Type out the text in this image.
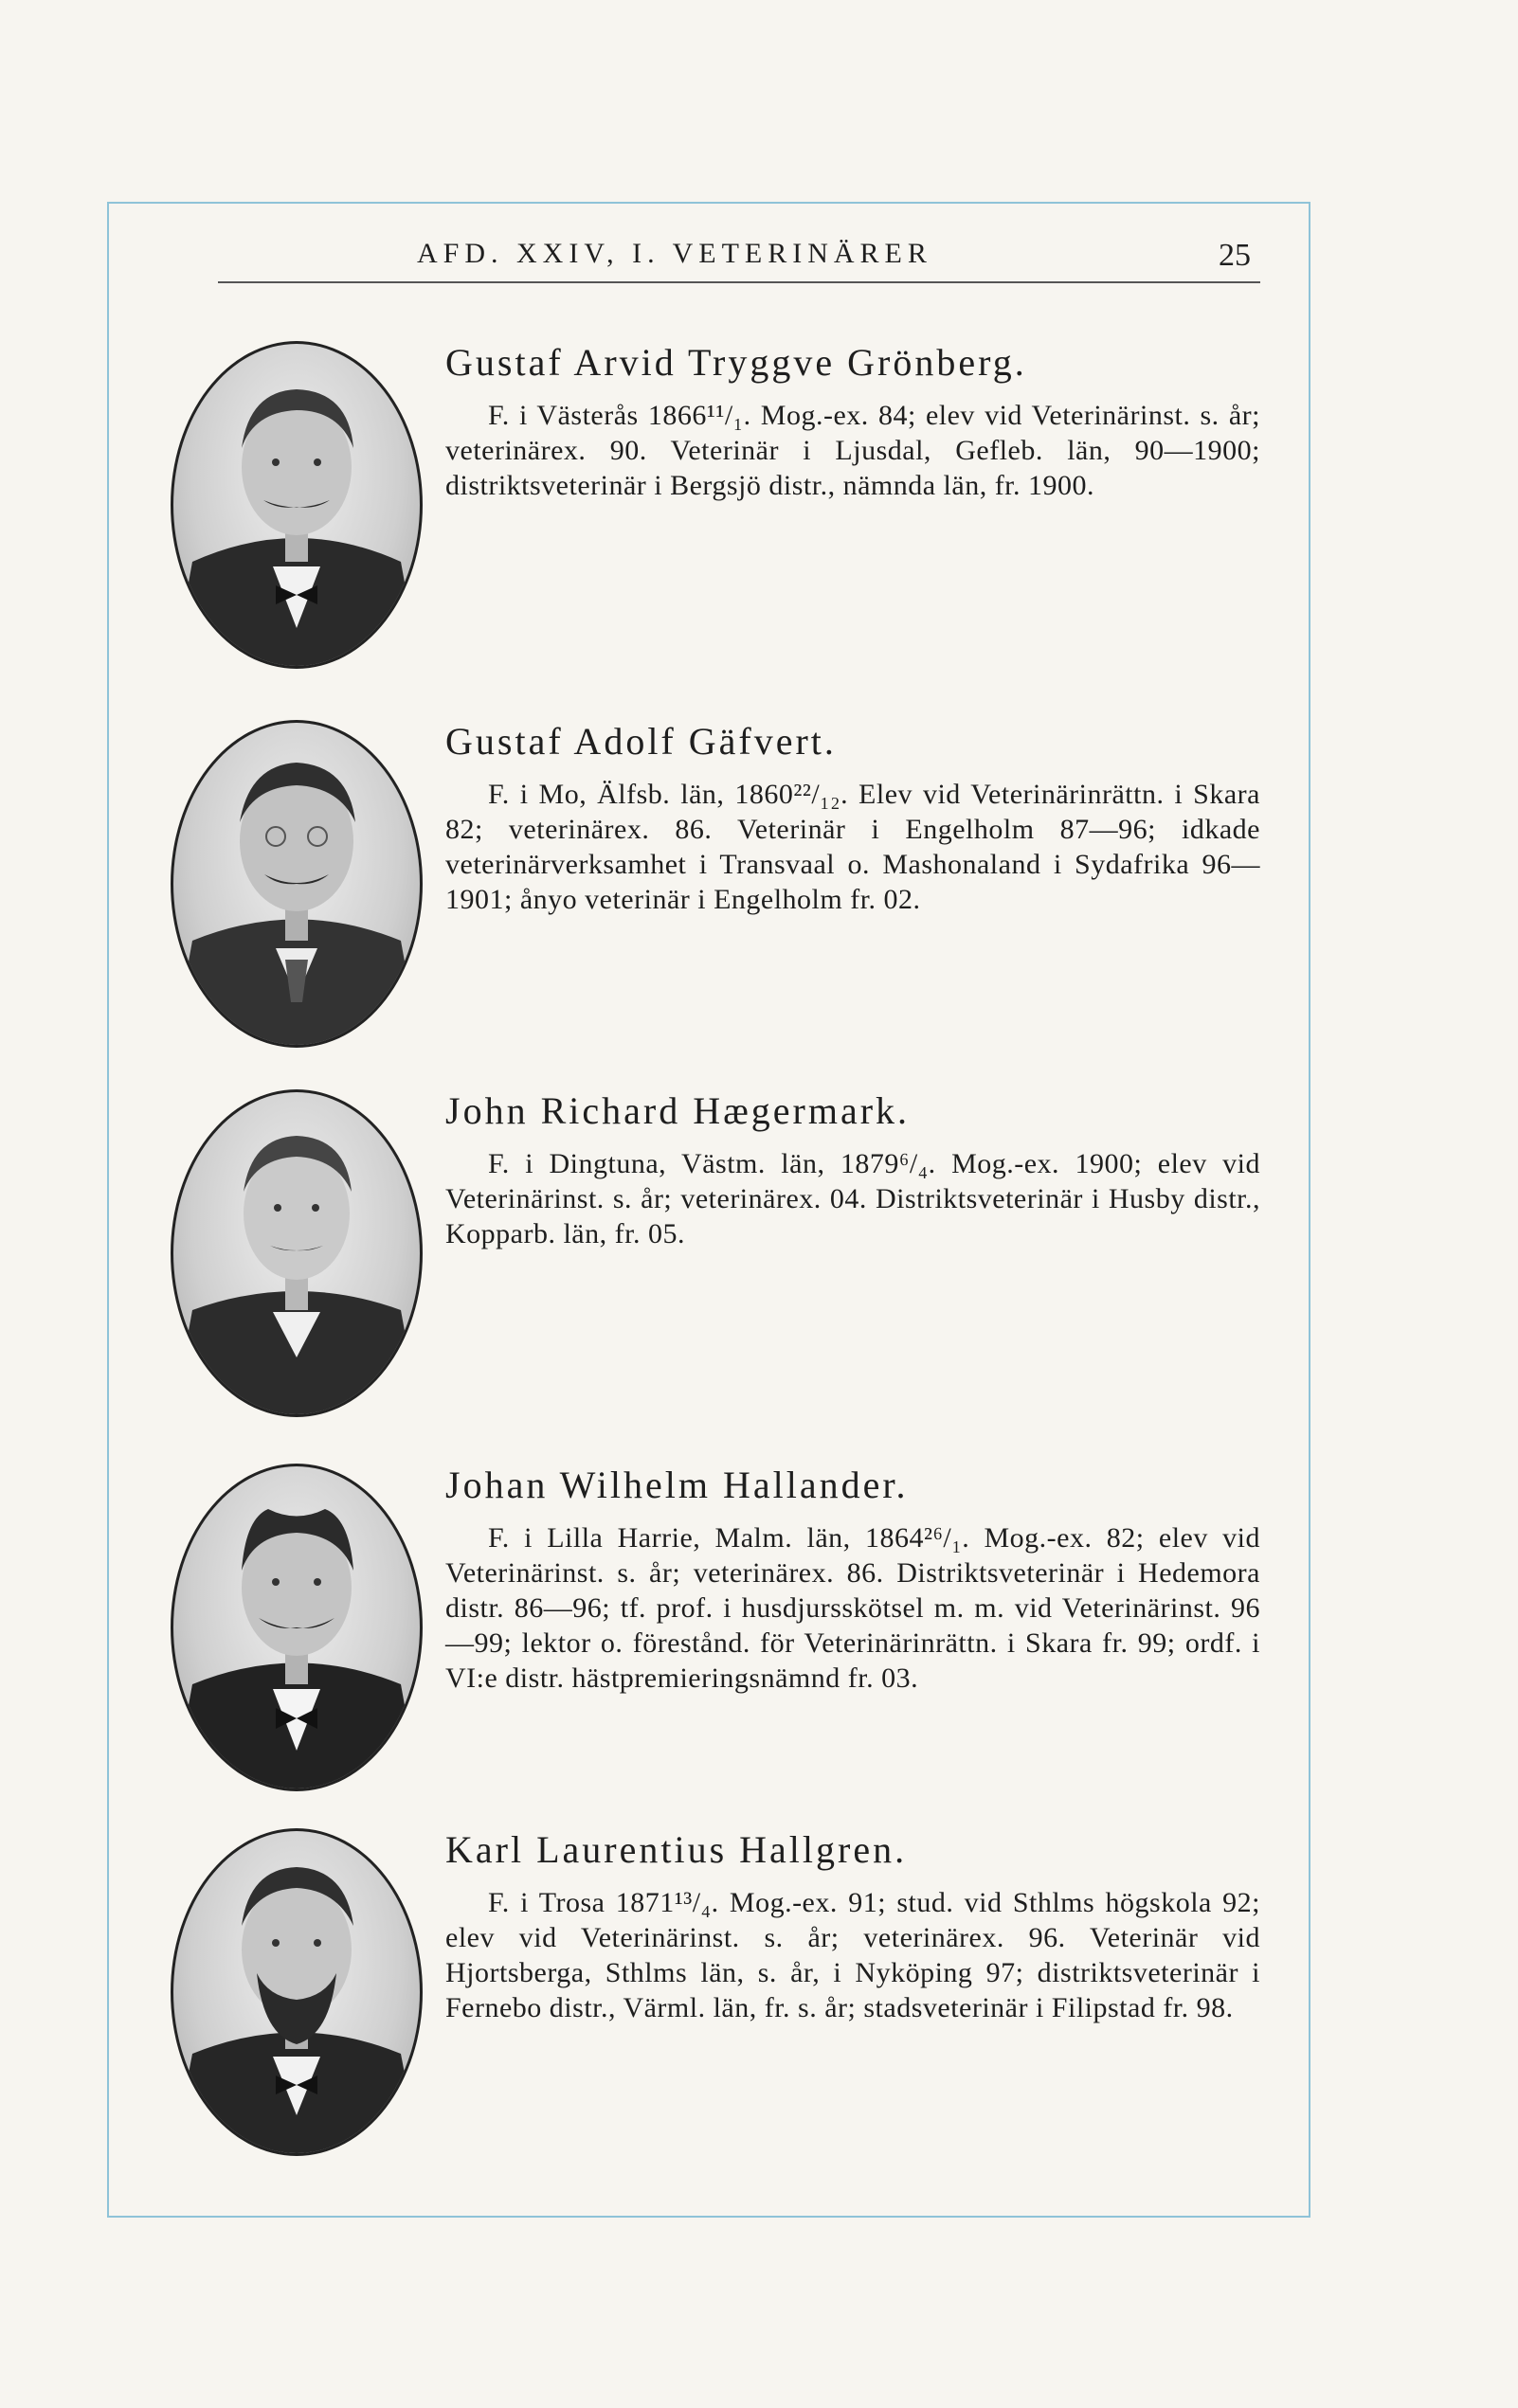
AFD. XXIV, I. VETERINÄRER	25

Gustaf Arvid Tryggve Grönberg.

F. i Västerås 1866¹¹/₁. Mog.-ex. 84; elev vid Veterinärinst. s. år; veterinärex. 90. Veterinär i Ljusdal, Gefleb. län, 90—1900; distriktsveterinär i Bergsjö distr., nämnda län, fr. 1900.

Gustaf Adolf Gäfvert.

F. i Mo, Älfsb. län, 1860²²/₁₂. Elev vid Veterinärinrättn. i Skara 82; veterinärex. 86. Veterinär i Engelholm 87—96; idkade veterinärverksamhet i Transvaal o. Mashonaland i Sydafrika 96—1901; ånyo veterinär i Engelholm fr. 02.

John Richard Hægermark.

F. i Dingtuna, Västm. län, 1879⁶/₄. Mog.-ex. 1900; elev vid Veterinärinst. s. år; veterinärex. 04. Distriktsveterinär i Husby distr., Kopparb. län, fr. 05.

Johan Wilhelm Hallander.

F. i Lilla Harrie, Malm. län, 1864²⁶/₁. Mog.-ex. 82; elev vid Veterinärinst. s. år; veterinärex. 86. Distriktsveterinär i Hedemora distr. 86—96; tf. prof. i husdjursskötsel m. m. vid Veterinärinst. 96—99; lektor o. förestånd. för Veterinärinrättn. i Skara fr. 99; ordf. i VI:e distr. hästpremieringsnämnd fr. 03.

Karl Laurentius Hallgren.

F. i Trosa 1871¹³/₄. Mog.-ex. 91; stud. vid Sthlms högskola 92; elev vid Veterinärinst. s. år; veterinärex. 96. Veterinär vid Hjortsberga, Sthlms län, s. år, i Nyköping 97; distriktsveterinär i Fernebo distr., Värml. län, fr. s. år; stadsveterinär i Filipstad fr. 98.
